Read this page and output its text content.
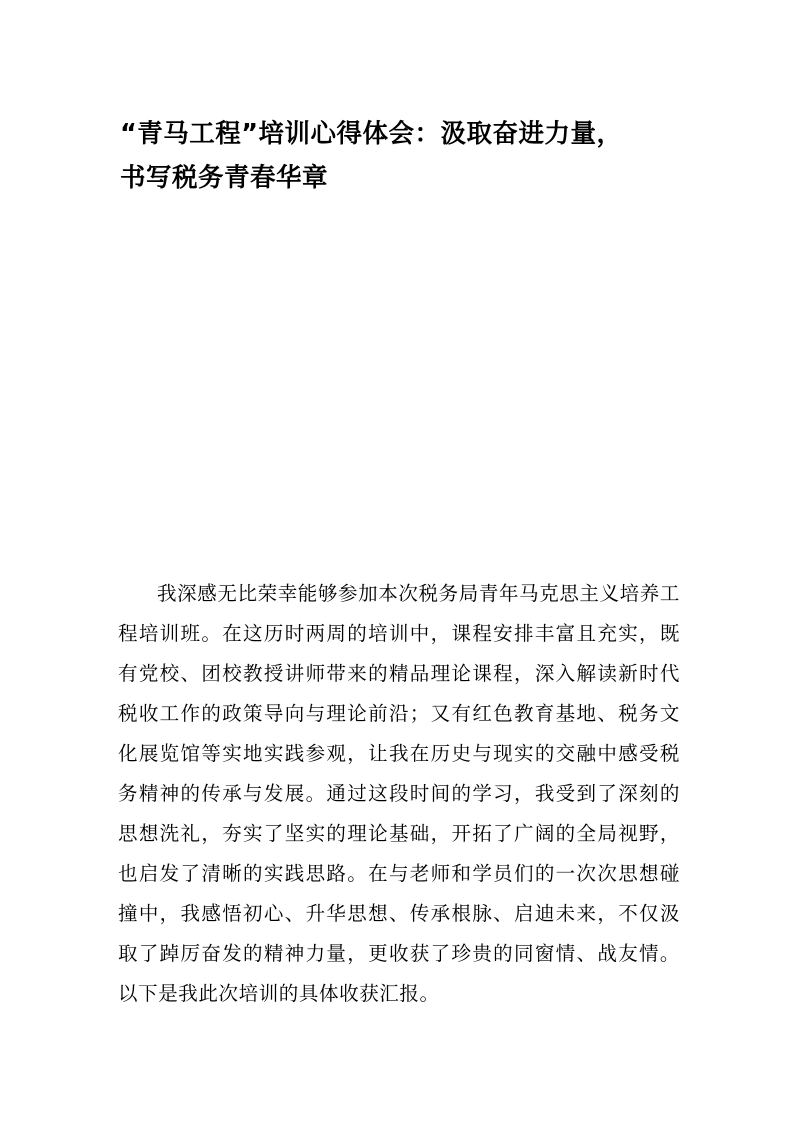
“青马工程”培训心得体会：汲取奋进力量，
书写税务青春华章

我深感无比荣幸能够参加本次税务局青年马克思主义培养工程培训班。在这历时两周的培训中，课程安排丰富且充实，既有党校、团校教授讲师带来的精品理论课程，深入解读新时代税收工作的政策导向与理论前沿；又有红色教育基地、税务文化展览馆等实地实践参观，让我在历史与现实的交融中感受税务精神的传承与发展。通过这段时间的学习，我受到了深刻的思想洗礼，夯实了坚实的理论基础，开拓了广阔的全局视野，也启发了清晰的实践思路。在与老师和学员们的一次次思想碰撞中，我感悟初心、升华思想、传承根脉、启迪未来，不仅汲取了踔厉奋发的精神力量，更收获了珍贵的同窗情、战友情。以下是我此次培训的具体收获汇报。
